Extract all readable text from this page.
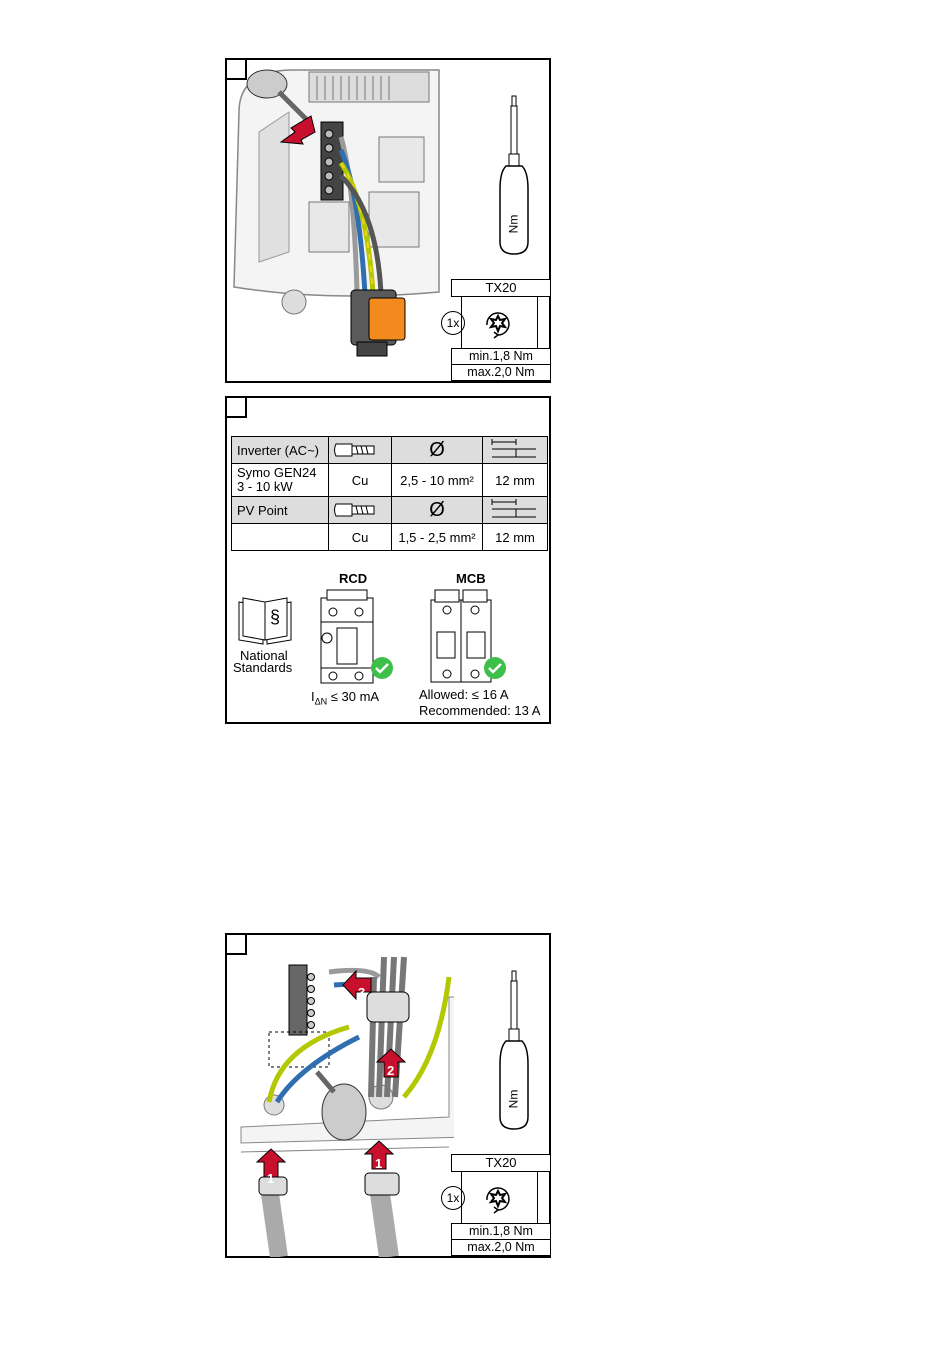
Nm
TX20
1x
min.1,8 Nm
max.2,0 Nm
Inverter (AC~)		Ø	

Symo GEN24
3 - 10 kW	Cu	2,5 - 10 mm²	12 mm
PV Point		Ø	

	Cu	1,5 - 2,5 mm²	12 mm
§
National
Standards
RCD
$I_{\Delta N} \le 30$ mA
MCB
Allowed: ≤ 16 A
Recommended: 13 A
1
1
2
3
Nm
TX20
1x
min.1,8 Nm
max.2,0 Nm
